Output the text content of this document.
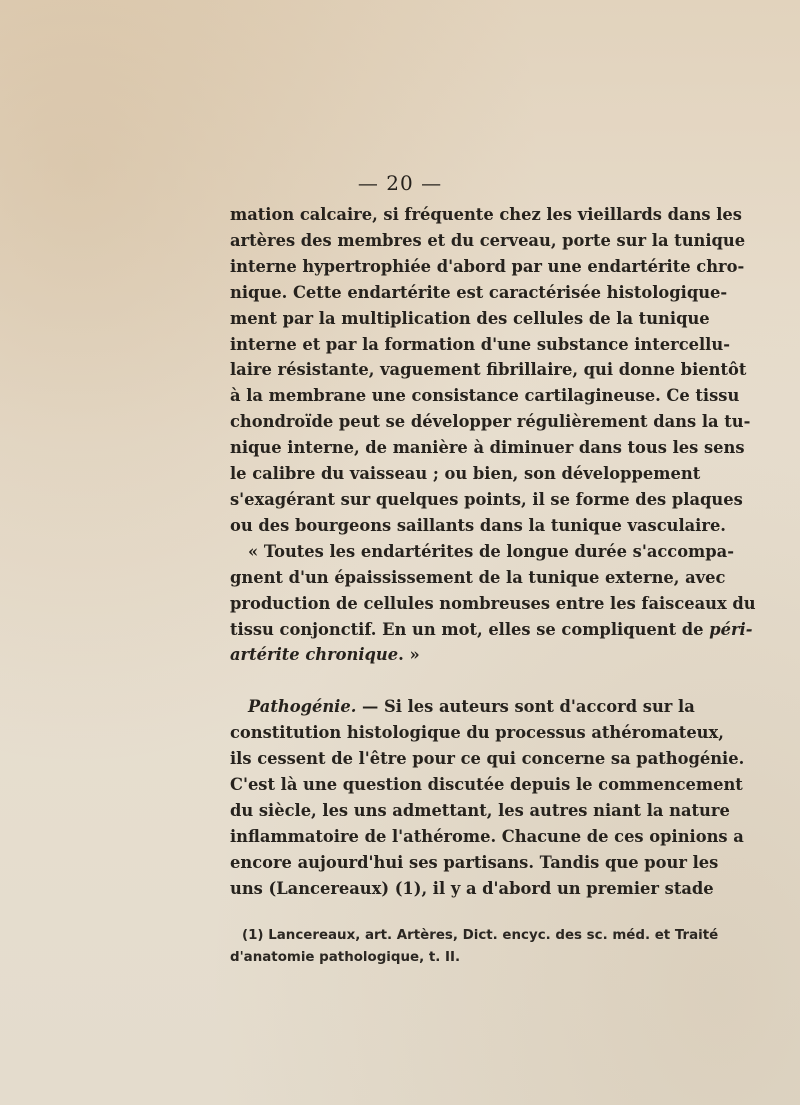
— 20 —
mation calcaire, si fréquente chez les vieillards dans les
artères des membres et du cerveau, porte sur la tunique
interne hypertrophiée d'abord par une endartérite chro-
nique. Cette endartérite est caractérisée histologique-
ment par la multiplication des cellules de la tunique
interne et par la formation d'une substance intercellu-
laire résistante, vaguement fibrillaire, qui donne bientôt
à la membrane une consistance cartilagineuse. Ce tissu
chondroïde peut se développer régulièrement dans la tu-
nique interne, de manière à diminuer dans tous les sens
le calibre du vaisseau ; ou bien, son développement
s'exagérant sur quelques points, il se forme des plaques
ou des bourgeons saillants dans la tunique vasculaire.
« Toutes les endartérites de longue durée s'accompa-
gnent d'un épaississement de la tunique externe, avec
production de cellules nombreuses entre les faisceaux du
tissu conjonctif. En un mot, elles se compliquent de péri-
artérite chronique. »
Pathogénie. — Si les auteurs sont d'accord sur la
constitution histologique du processus athéromateux,
ils cessent de l'être pour ce qui concerne sa pathogénie.
C'est là une question discutée depuis le commencement
du siècle, les uns admettant, les autres niant la nature
inflammatoire de l'athérome. Chacune de ces opinions a
encore aujourd'hui ses partisans. Tandis que pour les
uns (Lancereaux) (1), il y a d'abord un premier stade
(1) Lancereaux, art. Artères, Dict. encyc. des sc. méd. et Traité
d'anatomie pathologique, t. II.
